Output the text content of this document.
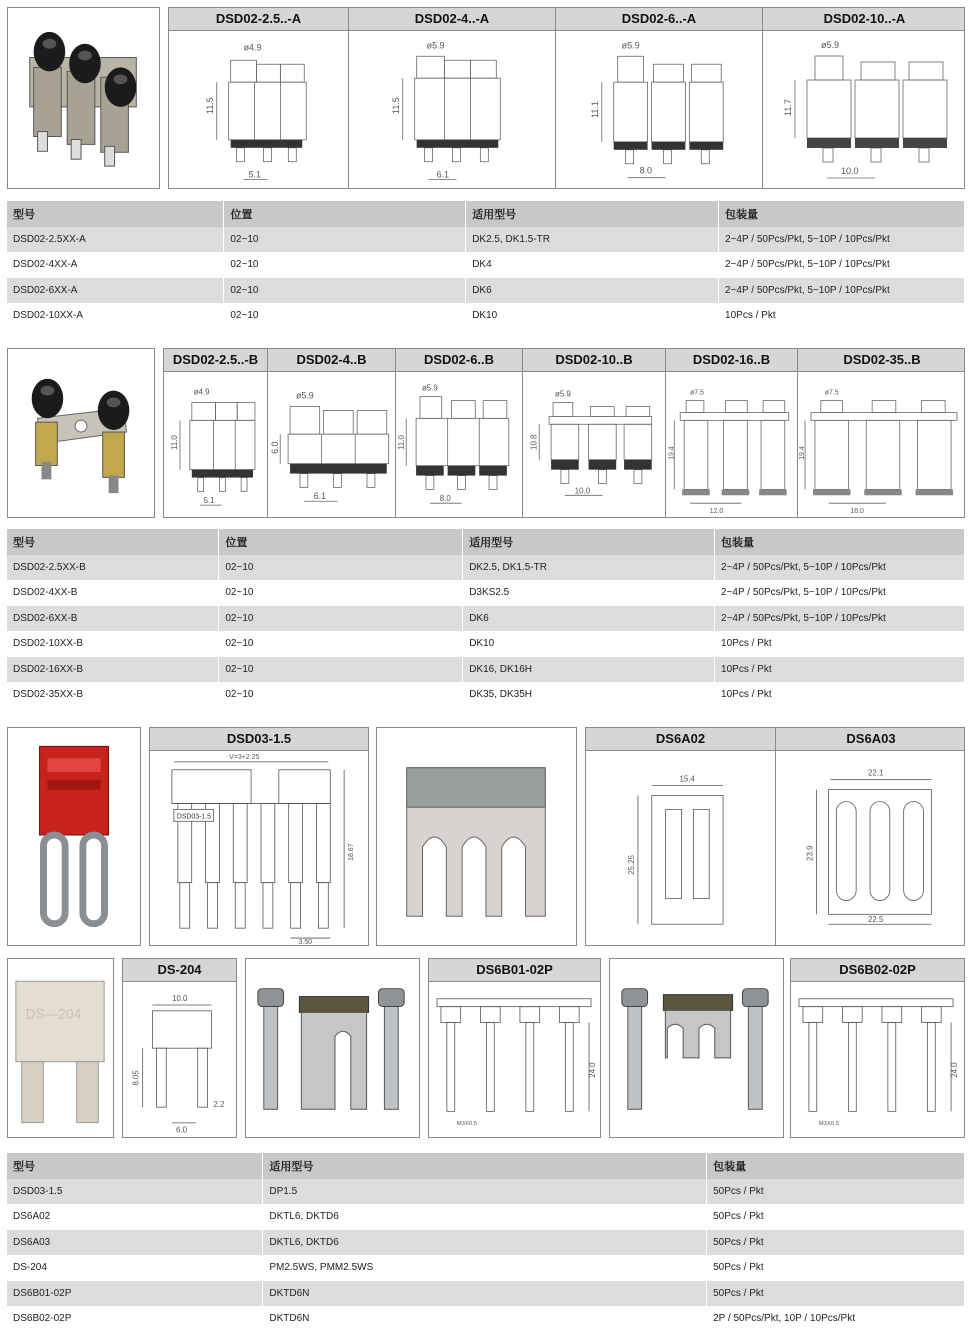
DSD02-2.5..-A
ø4.9
11.5
5.1
DSD02-4..-A
ø5.9
11.5
6.1
DSD02-6..-A
ø5.9
11.1
8.0
DSD02-10..-A
ø5.9
11.7
10.0
型号	位置	适用型号	包装量
DSD02-2.5XX-A	02~10	DK2.5, DK1.5-TR	2~4P / 50Pcs/Pkt, 5~10P / 10Pcs/Pkt
DSD02-4XX-A	02~10	DK4	2~4P / 50Pcs/Pkt, 5~10P / 10Pcs/Pkt
DSD02-6XX-A	02~10	DK6	2~4P / 50Pcs/Pkt, 5~10P / 10Pcs/Pkt
DSD02-10XX-A	02~10	DK10	10Pcs / Pkt
DSD02-2.5..-B
ø4.9
11.0
5.1
DSD02-4..B
ø5.9
6.0
6.1
DSD02-6..B
ø5.9
11.0
8.0
DSD02-10..B
ø5.9
10.8
10.0
DSD02-16..B
ø7.5
19.4
12.0
DSD02-35..B
ø7.5
19.4
16.0
型号	位置	适用型号	包装量
DSD02-2.5XX-B	02~10	DK2.5, DK1.5-TR	2~4P / 50Pcs/Pkt, 5~10P / 10Pcs/Pkt
DSD02-4XX-B	02~10	D3KS2.5	2~4P / 50Pcs/Pkt, 5~10P / 10Pcs/Pkt
DSD02-6XX-B	02~10	DK6	2~4P / 50Pcs/Pkt, 5~10P / 10Pcs/Pkt
DSD02-10XX-B	02~10	DK10	10Pcs / Pkt
DSD02-16XX-B	02~10	DK16, DK16H	10Pcs / Pkt
DSD02-35XX-B	02~10	DK35, DK35H	10Pcs / Pkt
DSD03-1.5
V=3+2.25
DSD03-1.5
18.67
3.50
DS6A02
15.4
25.25
DS6A03
22.1
23.9
22.5
DS—204
DS-204
10.0
8.05
2.2
6.0
DS6B01-02P
24.0
M3X0.5
DS6B02-02P
24.0
M3X0.5
型号	适用型号	包装量
DSD03-1.5	DP1.5	50Pcs / Pkt
DS6A02	DKTL6, DKTD6	50Pcs / Pkt
DS6A03	DKTL6, DKTD6	50Pcs / Pkt
DS-204	PM2.5WS, PMM2.5WS	50Pcs / Pkt
DS6B01-02P	DKTD6N	50Pcs / Pkt
DS6B02-02P	DKTD6N	2P / 50Pcs/Pkt, 10P / 10Pcs/Pkt
